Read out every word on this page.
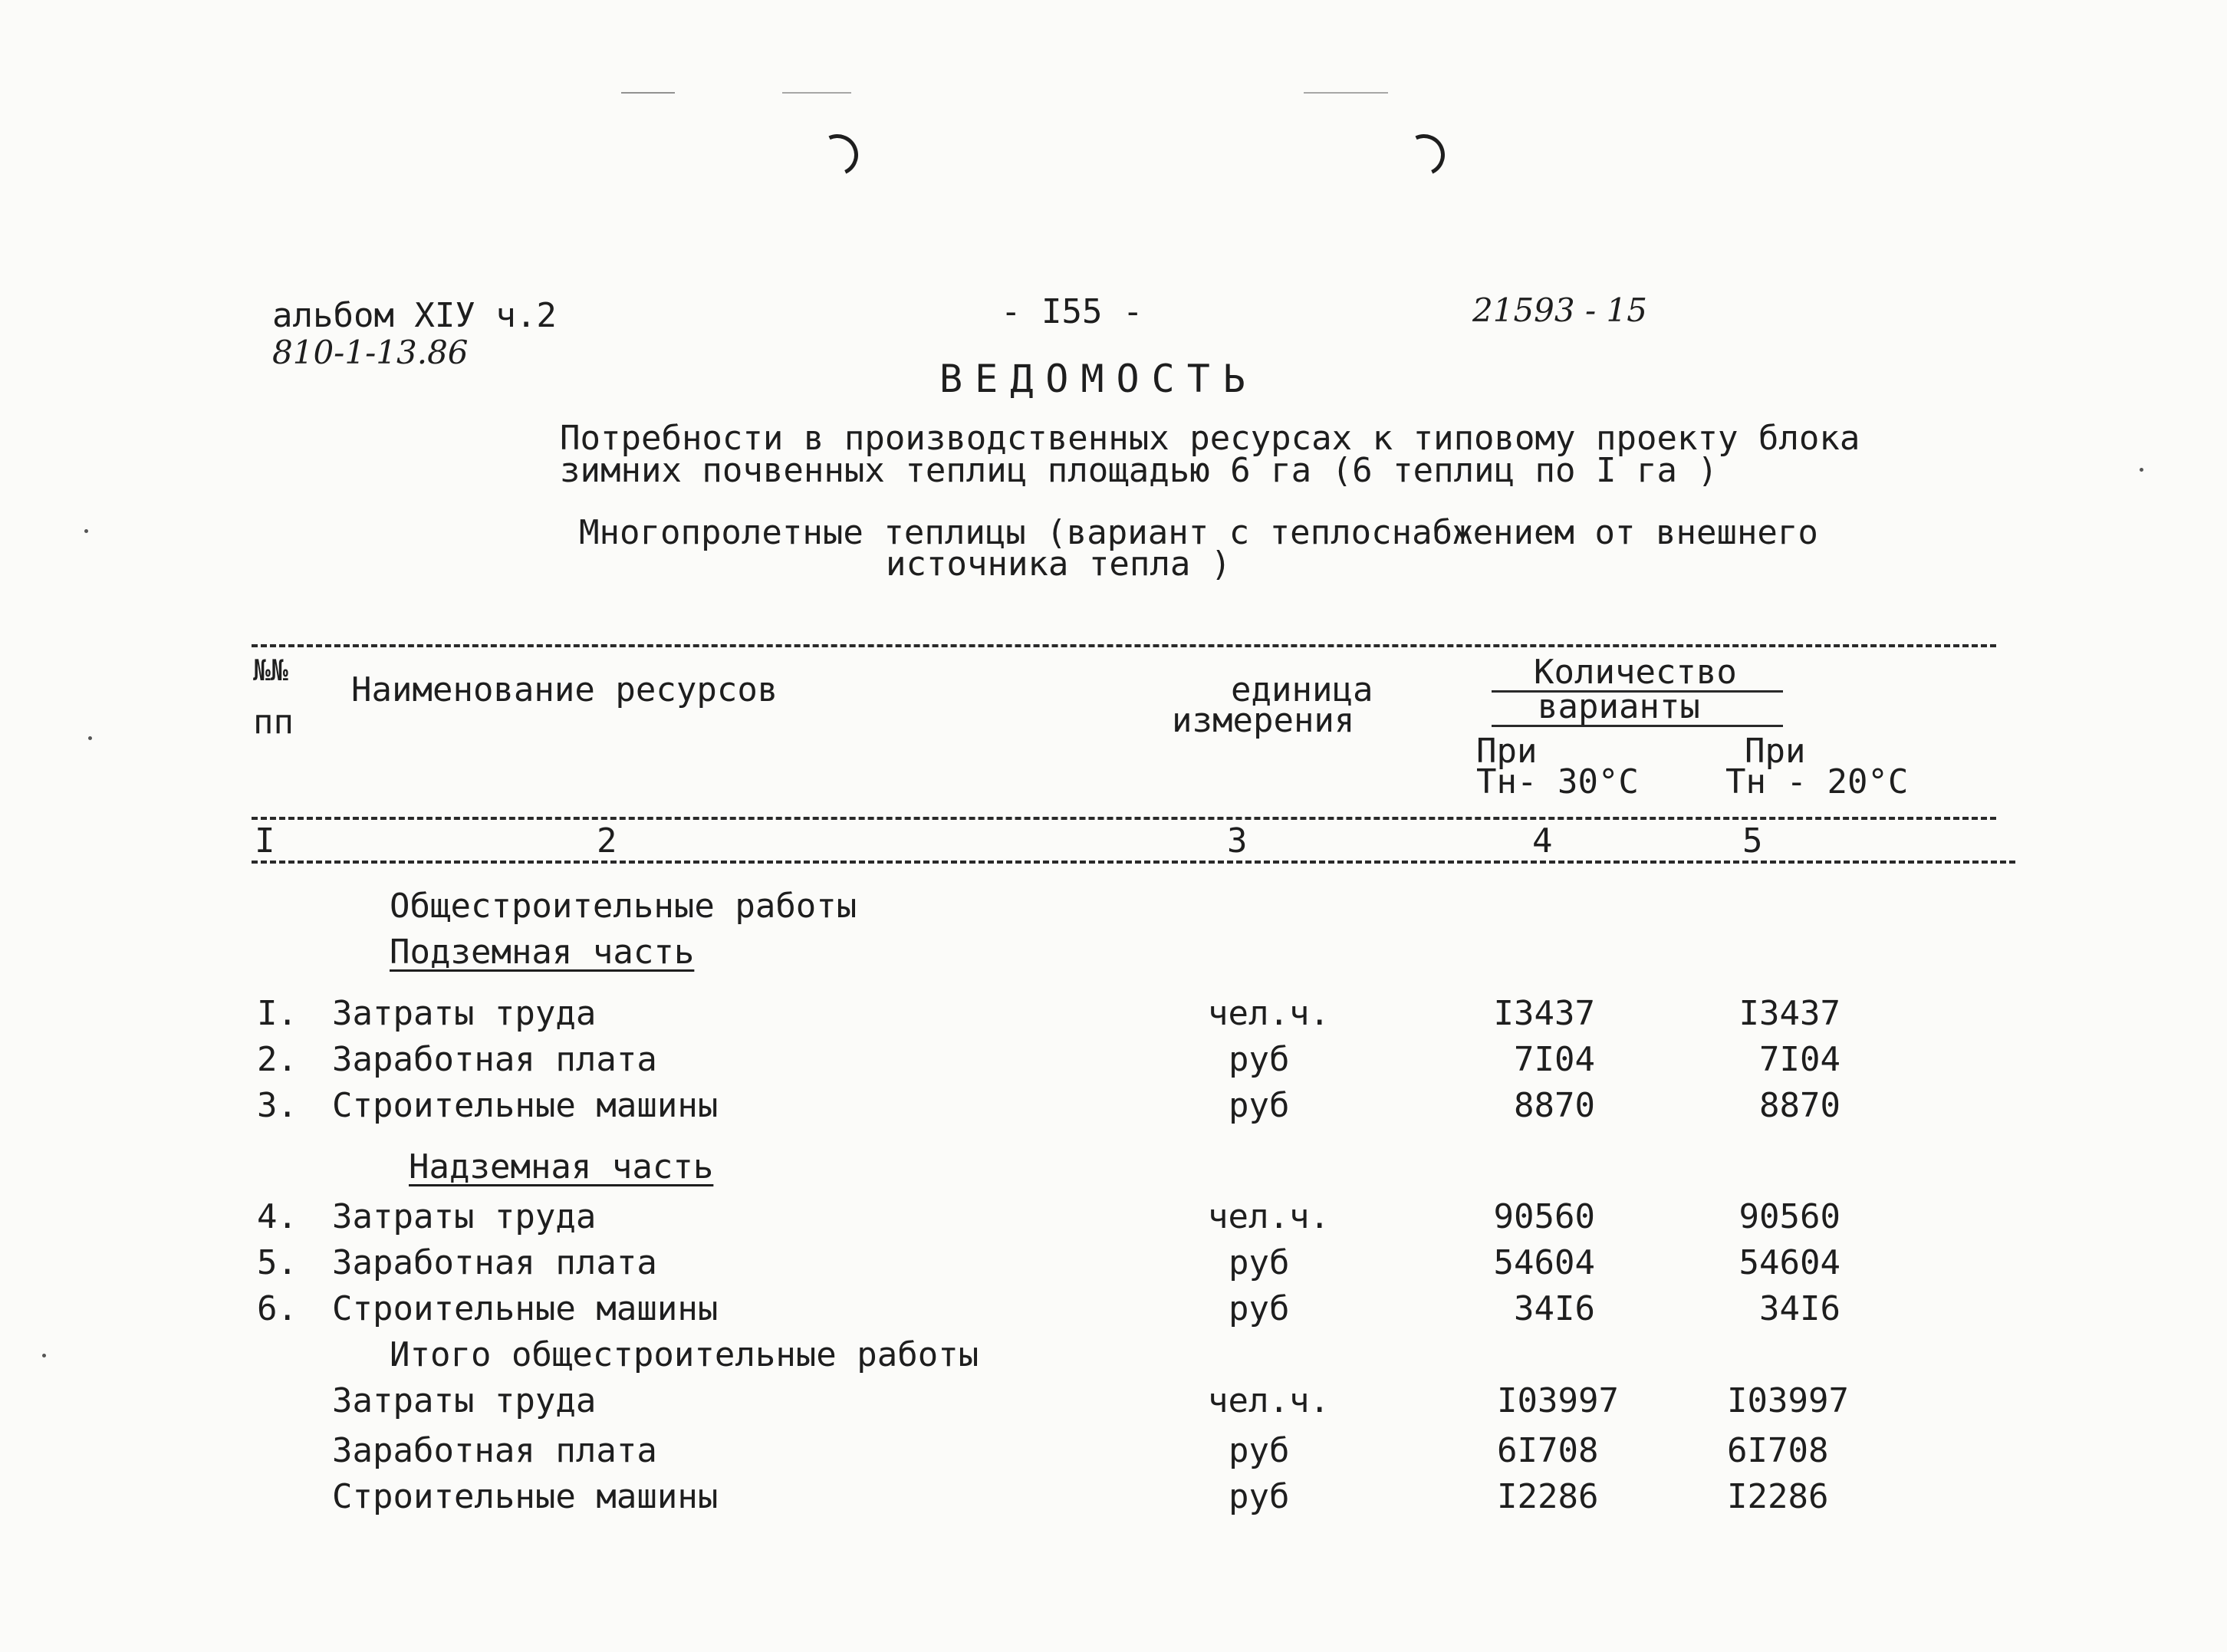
альбом XIУ ч.2
810-1-13.86
- I55 -	21593 - 15
ВЕДОМОСТЬ
Потребности в производственных ресурсах к типовому проекту блока
зимних почвенных теплиц площадью 6 га (6 теплиц по I га )
Многопролетные теплицы (вариант с теплоснабжением от внешнего
источника тепла )
№№
пп
Наименование ресурсов	единица
измерения
Количество
варианты
При
Тн- 30°С
При
Тн - 20°С
I	2	3	4	5
Общестроительные работы
Подземная часть
I. Затраты труда	чел.ч.	I3437	I3437
2. Заработная плата	руб	7I04	7I04
3. Строительные машины	руб	8870	8870
Надземная часть
4. Затраты труда	чел.ч.	90560	90560
5. Заработная плата	руб	54604	54604
6. Строительные машины	руб	34I6	34I6
Итого общестроительные работы
Затраты труда	чел.ч.	I03997	I03997
Заработная плата	руб	6I708	6I708
Строительные машины	руб	I2286	I2286
